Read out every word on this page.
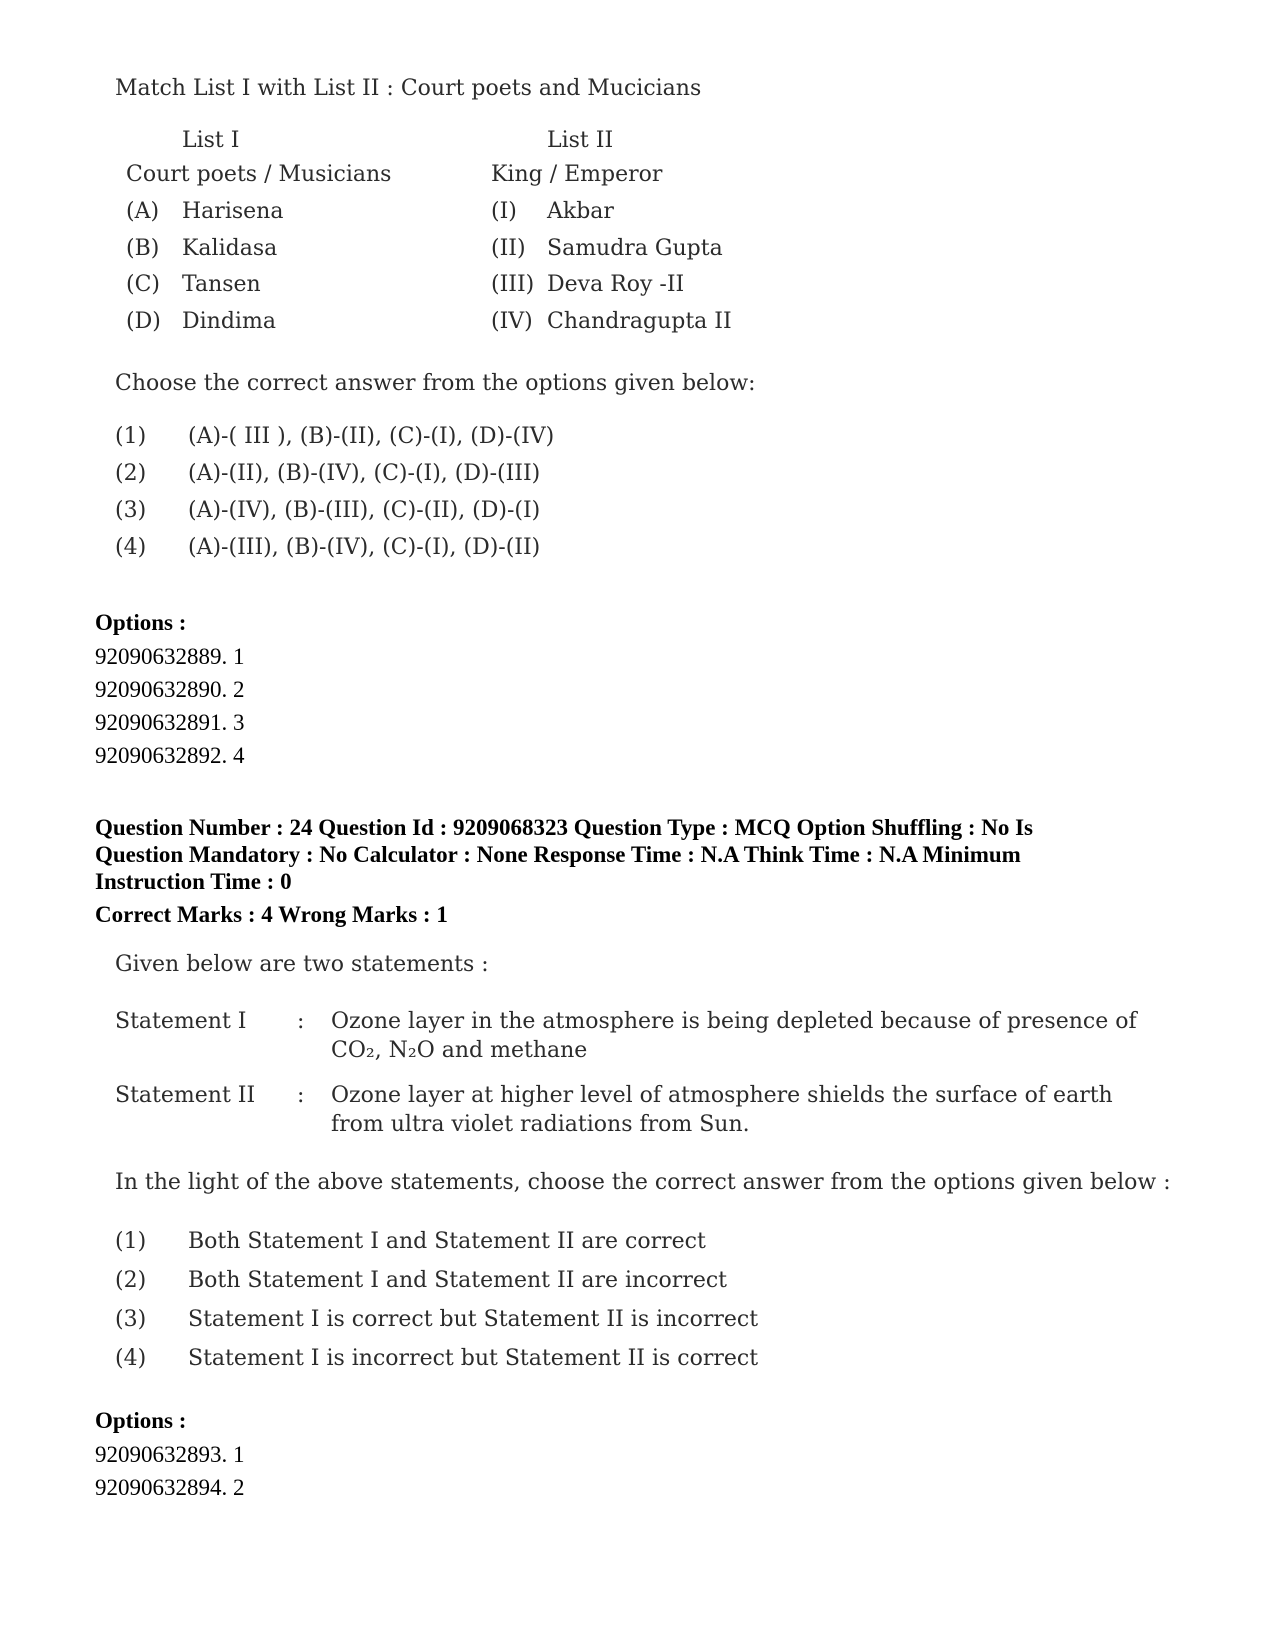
Match List I with List II : Court poets and Mucicians
List I	List II
Court poets / Musicians	King / Emperor
(A) Harisena
(B) Kalidasa
(C) Tansen
(D) Dindima
(I) Akbar
(II) Samudra Gupta
(III) Deva Roy -II
(IV) Chandragupta II
Choose the correct answer from the options given below:
(1) (A)-( III ), (B)-(II), (C)-(I), (D)-(IV)
(2) (A)-(II), (B)-(IV), (C)-(I), (D)-(III)
(3) (A)-(IV), (B)-(III), (C)-(II), (D)-(I)
(4) (A)-(III), (B)-(IV), (C)-(I), (D)-(II)
Options :
92090632889. 1
92090632890. 2
92090632891. 3
92090632892. 4
Question Number : 24 Question Id : 9209068323 Question Type : MCQ Option Shuffling : No Is
Question Mandatory : No Calculator : None Response Time : N.A Think Time : N.A Minimum
Instruction Time : 0
Correct Marks : 4 Wrong Marks : 1
Given below are two statements :
Statement I : Ozone layer in the atmosphere is being depleted because of presence of
CO₂, N₂O and methane
Statement II : Ozone layer at higher level of atmosphere shields the surface of earth
from ultra violet radiations from Sun.
In the light of the above statements, choose the correct answer from the options given below :
(1) Both Statement I and Statement II are correct
(2) Both Statement I and Statement II are incorrect
(3) Statement I is correct but Statement II is incorrect
(4) Statement I is incorrect but Statement II is correct
Options :
92090632893. 1
92090632894. 2
